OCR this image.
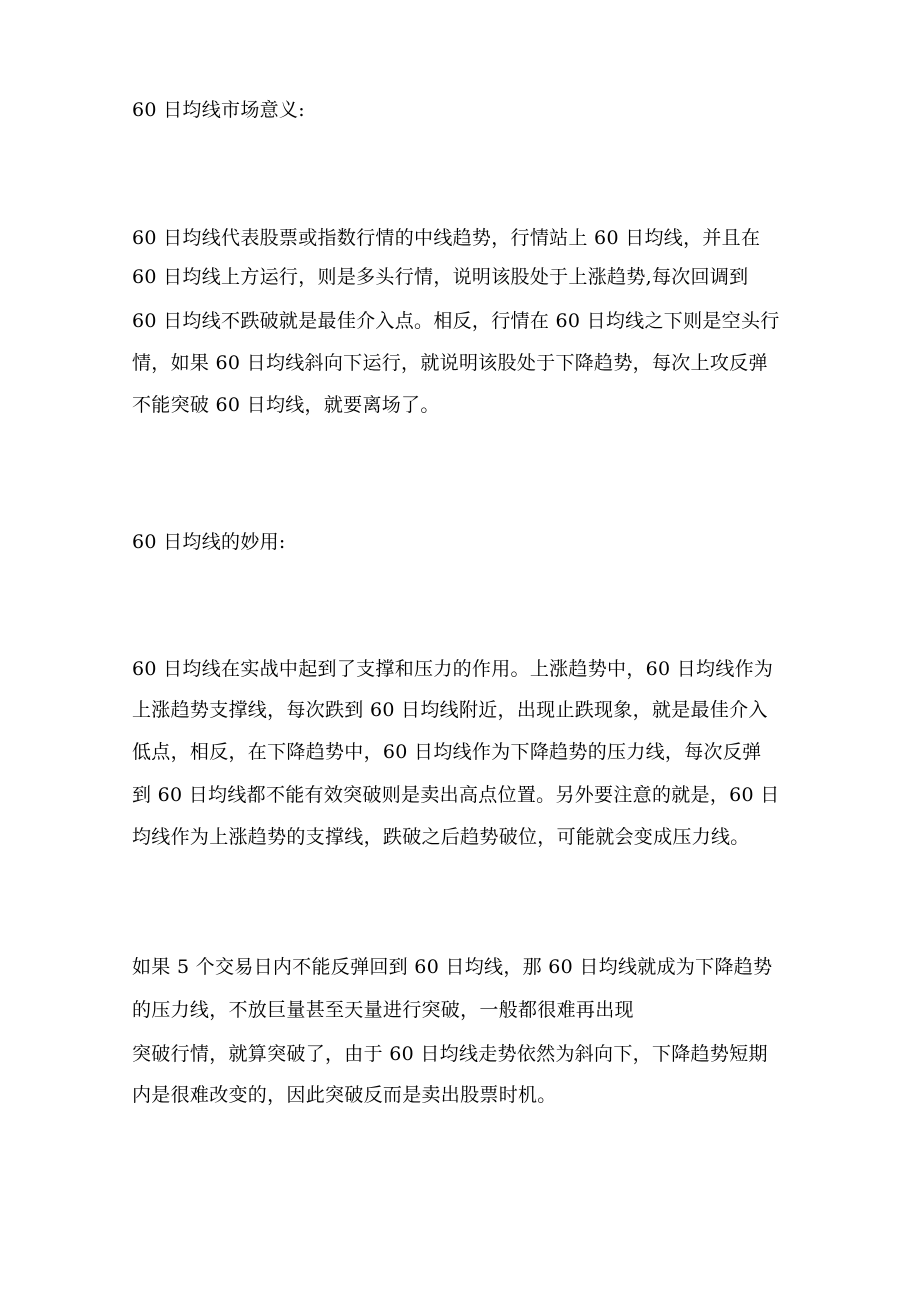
60 日均线市场意义:
60 日均线代表股票或指数行情的中线趋势，行情站上 60 日均线，并且在
60 日均线上方运行，则是多头行情，说明该股处于上涨趋势,每次回调到
60 日均线不跌破就是最佳介入点。相反，行情在 60 日均线之下则是空头行
情，如果 60 日均线斜向下运行，就说明该股处于下降趋势，每次上攻反弹
不能突破 60 日均线，就要离场了。
60 日均线的妙用:
60 日均线在实战中起到了支撑和压力的作用。上涨趋势中，60 日均线作为
上涨趋势支撑线，每次跌到 60 日均线附近，出现止跌现象，就是最佳介入
低点，相反，在下降趋势中，60 日均线作为下降趋势的压力线，每次反弹
到 60 日均线都不能有效突破则是卖出高点位置。另外要注意的就是，60 日
均线作为上涨趋势的支撑线，跌破之后趋势破位，可能就会变成压力线。
如果 5 个交易日内不能反弹回到 60 日均线，那 60 日均线就成为下降趋势
的压力线，不放巨量甚至天量进行突破，一般都很难再出现
突破行情，就算突破了，由于 60 日均线走势依然为斜向下，下降趋势短期
内是很难改变的，因此突破反而是卖出股票时机。
